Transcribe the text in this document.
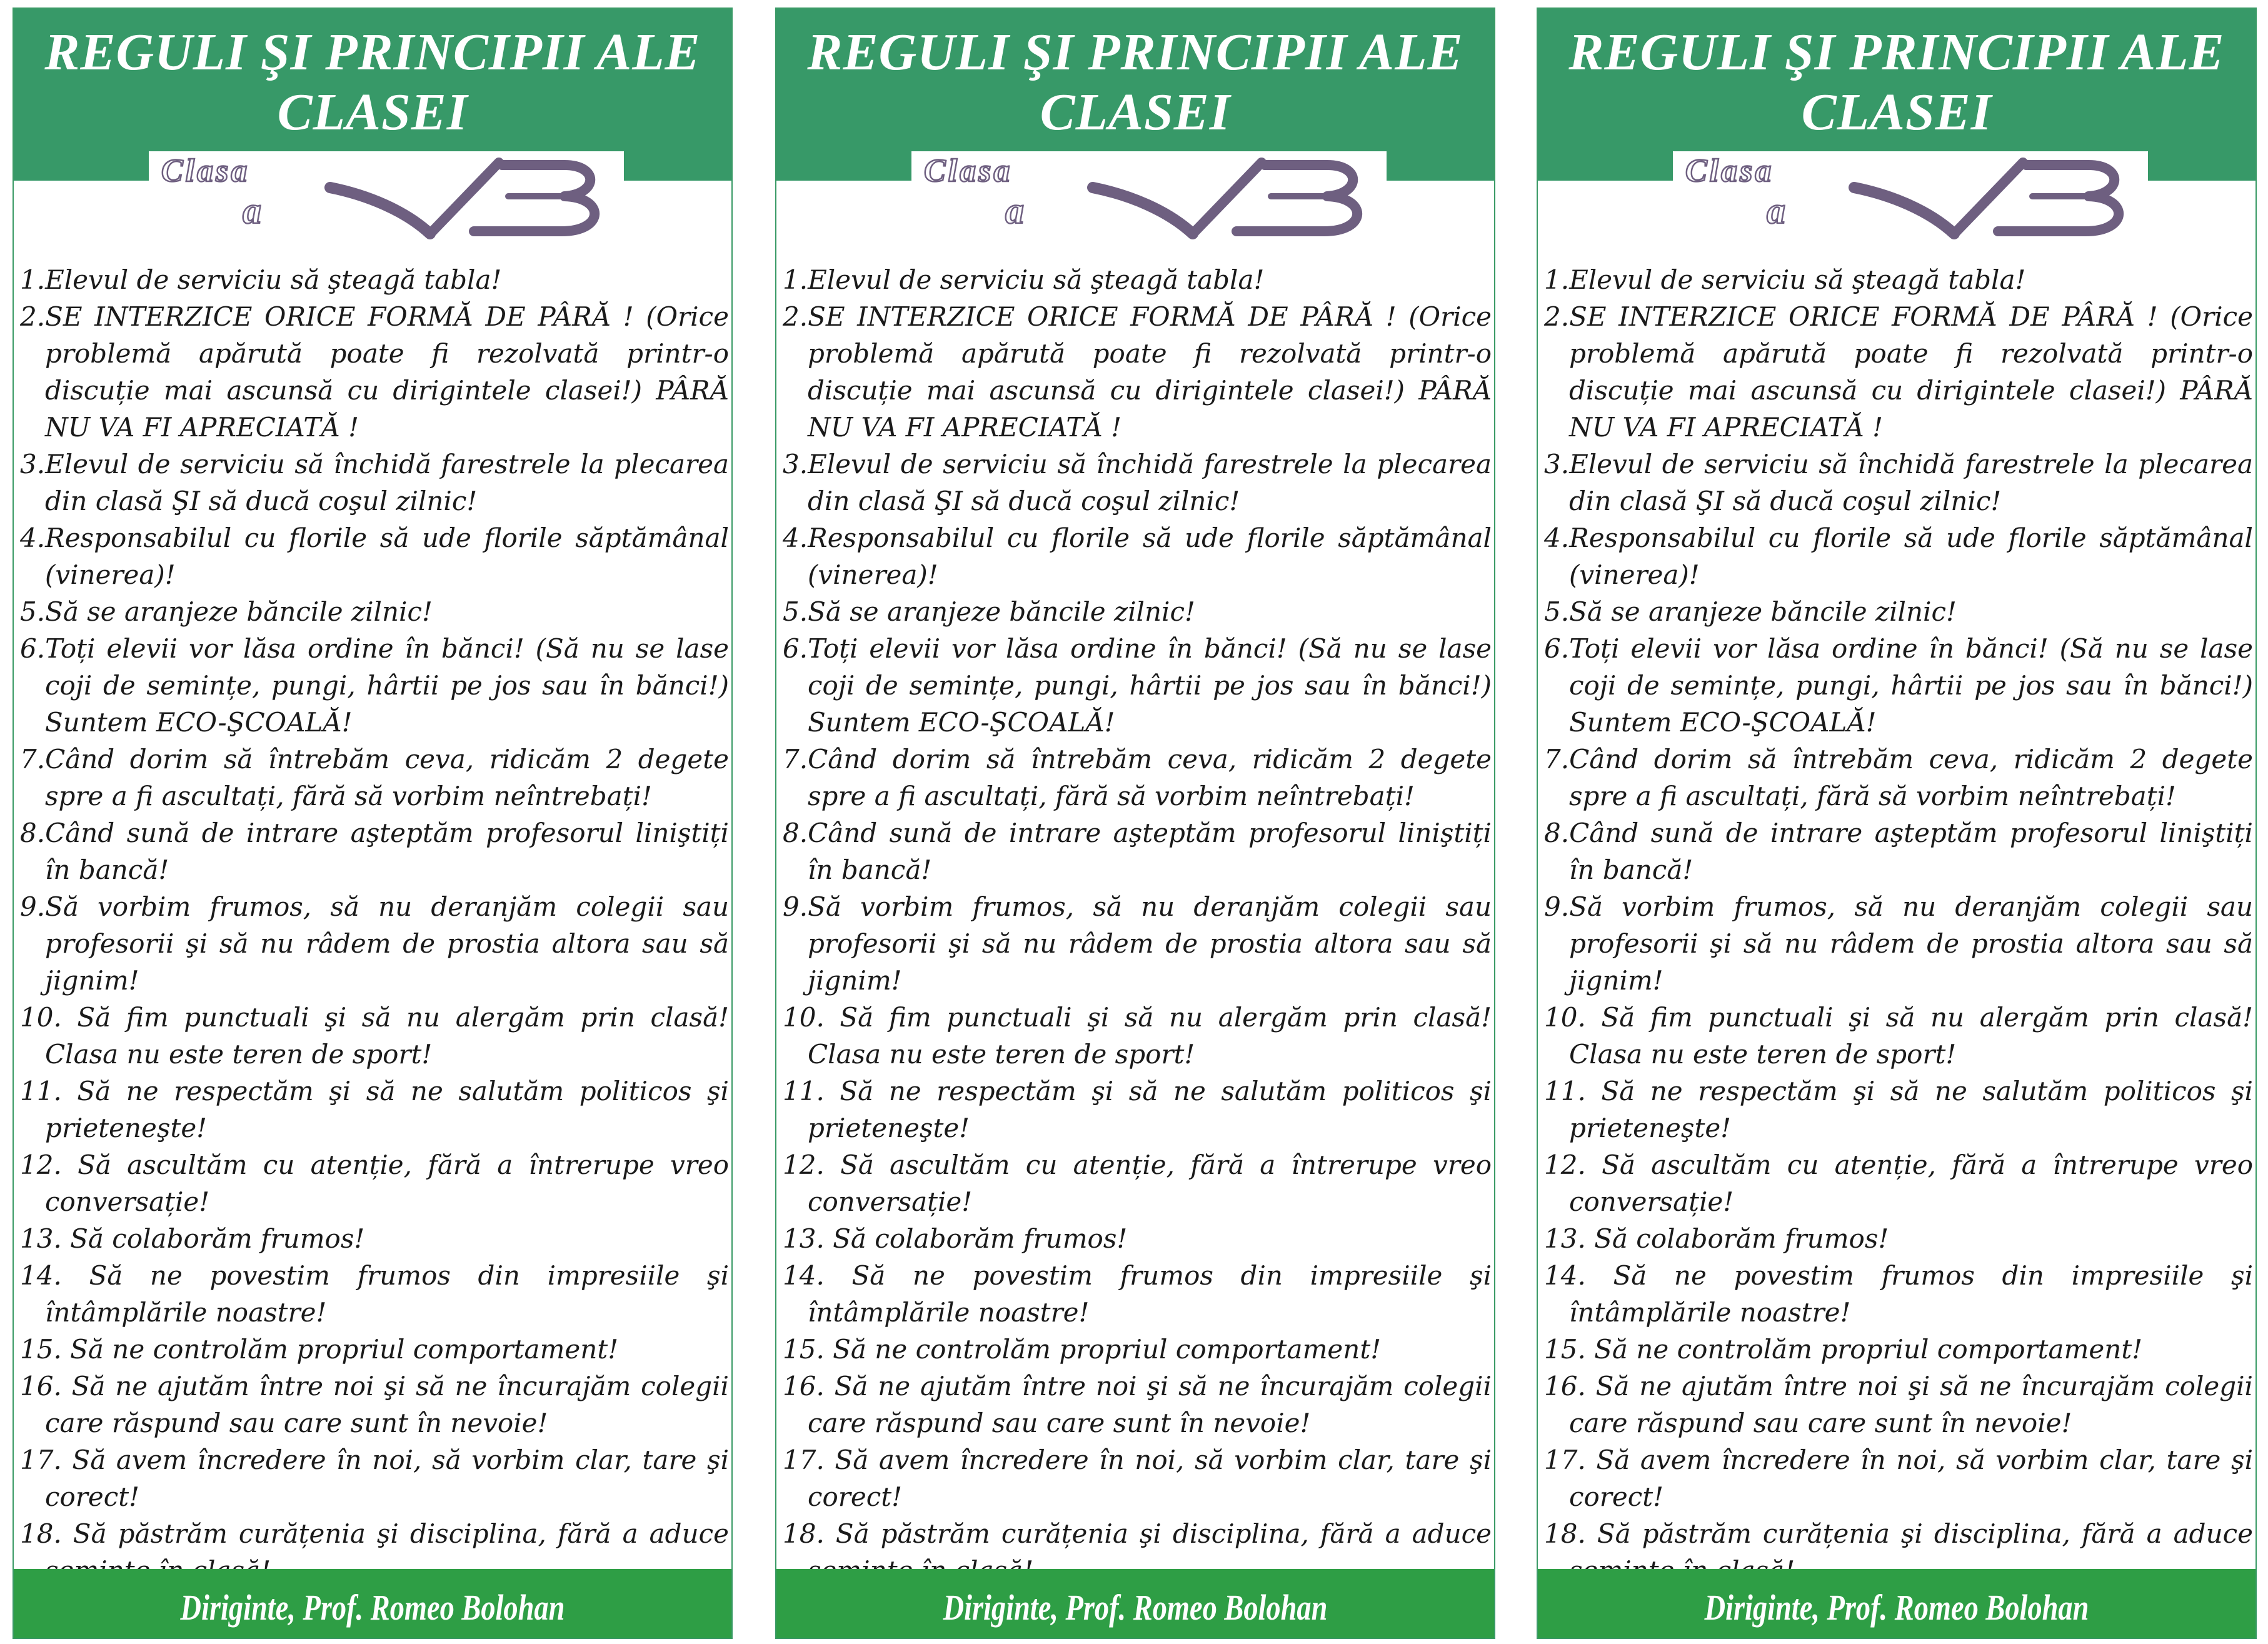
REGULI ŞI PRINCIPII ALE CLASEI
Clasa
a
1.Elevul de serviciu să şteagă tabla!
2.SE INTERZICE ORICE FORMĂ DE PÂRĂ ! (Orice problemă apărută poate fi rezolvată printr-o discuție mai ascunsă cu dirigintele clasei!) PÂRĂ NU VA FI APRECIATĂ !
3.Elevul de serviciu să închidă farestrele la plecarea din clasă ŞI să ducă coşul zilnic!
4.Responsabilul cu florile să ude florile săptămânal (vinerea)!
5.Să se aranjeze băncile zilnic!
6.Toți elevii vor lăsa ordine în bănci! (Să nu se lase coji de semințe, pungi, hârtii pe jos sau în bănci!) Suntem ECO-ŞCOALĂ!
7.Când dorim să întrebăm ceva, ridicăm 2 degete spre a fi ascultați, fără să vorbim neîntrebați!
8.Când sună de intrare aşteptăm profesorul liniştiți în bancă!
9.Să vorbim frumos, să nu deranjăm colegii sau profesorii şi să nu râdem de prostia altora sau să jignim!
10. Să fim punctuali şi să nu alergăm prin clasă! Clasa nu este teren de sport!
11. Să ne respectăm şi să ne salutăm politicos şi prieteneşte!
12. Să ascultăm cu atenție, fără a întrerupe vreo conversație!
13. Să colaborăm frumos!
14. Să ne povestim frumos din impresiile şi întâmplările noastre!
15. Să ne controlăm propriul comportament!
16. Să ne ajutăm între noi şi să ne încurajăm colegii care răspund sau care sunt în nevoie!
17. Să avem încredere în noi, să vorbim clar, tare şi corect!
18. Să păstrăm curățenia şi disciplina, fără a aduce
Diriginte, Prof. Romeo Bolohan
REGULI ŞI PRINCIPII ALE CLASEI
Clasa
a
1.Elevul de serviciu să şteagă tabla!
2.SE INTERZICE ORICE FORMĂ DE PÂRĂ ! (Orice problemă apărută poate fi rezolvată printr-o discuție mai ascunsă cu dirigintele clasei!) PÂRĂ NU VA FI APRECIATĂ !
3.Elevul de serviciu să închidă farestrele la plecarea din clasă ŞI să ducă coşul zilnic!
4.Responsabilul cu florile să ude florile săptămânal (vinerea)!
5.Să se aranjeze băncile zilnic!
6.Toți elevii vor lăsa ordine în bănci! (Să nu se lase coji de semințe, pungi, hârtii pe jos sau în bănci!) Suntem ECO-ŞCOALĂ!
7.Când dorim să întrebăm ceva, ridicăm 2 degete spre a fi ascultați, fără să vorbim neîntrebați!
8.Când sună de intrare aşteptăm profesorul liniştiți în bancă!
9.Să vorbim frumos, să nu deranjăm colegii sau profesorii şi să nu râdem de prostia altora sau să jignim!
10. Să fim punctuali şi să nu alergăm prin clasă! Clasa nu este teren de sport!
11. Să ne respectăm şi să ne salutăm politicos şi prieteneşte!
12. Să ascultăm cu atenție, fără a întrerupe vreo conversație!
13. Să colaborăm frumos!
14. Să ne povestim frumos din impresiile şi întâmplările noastre!
15. Să ne controlăm propriul comportament!
16. Să ne ajutăm între noi şi să ne încurajăm colegii care răspund sau care sunt în nevoie!
17. Să avem încredere în noi, să vorbim clar, tare şi corect!
18. Să păstrăm curățenia şi disciplina, fără a aduce
Diriginte, Prof. Romeo Bolohan
REGULI ŞI PRINCIPII ALE CLASEI
Clasa
a
1.Elevul de serviciu să şteagă tabla!
2.SE INTERZICE ORICE FORMĂ DE PÂRĂ ! (Orice problemă apărută poate fi rezolvată printr-o discuție mai ascunsă cu dirigintele clasei!) PÂRĂ NU VA FI APRECIATĂ !
3.Elevul de serviciu să închidă farestrele la plecarea din clasă ŞI să ducă coşul zilnic!
4.Responsabilul cu florile să ude florile săptămânal (vinerea)!
5.Să se aranjeze băncile zilnic!
6.Toți elevii vor lăsa ordine în bănci! (Să nu se lase coji de semințe, pungi, hârtii pe jos sau în bănci!) Suntem ECO-ŞCOALĂ!
7.Când dorim să întrebăm ceva, ridicăm 2 degete spre a fi ascultați, fără să vorbim neîntrebați!
8.Când sună de intrare aşteptăm profesorul liniştiți în bancă!
9.Să vorbim frumos, să nu deranjăm colegii sau profesorii şi să nu râdem de prostia altora sau să jignim!
10. Să fim punctuali şi să nu alergăm prin clasă! Clasa nu este teren de sport!
11. Să ne respectăm şi să ne salutăm politicos şi prieteneşte!
12. Să ascultăm cu atenție, fără a întrerupe vreo conversație!
13. Să colaborăm frumos!
14. Să ne povestim frumos din impresiile şi întâmplările noastre!
15. Să ne controlăm propriul comportament!
16. Să ne ajutăm între noi şi să ne încurajăm colegii care răspund sau care sunt în nevoie!
17. Să avem încredere în noi, să vorbim clar, tare şi corect!
18. Să păstrăm curățenia şi disciplina, fără a aduce
Diriginte, Prof. Romeo Bolohan
